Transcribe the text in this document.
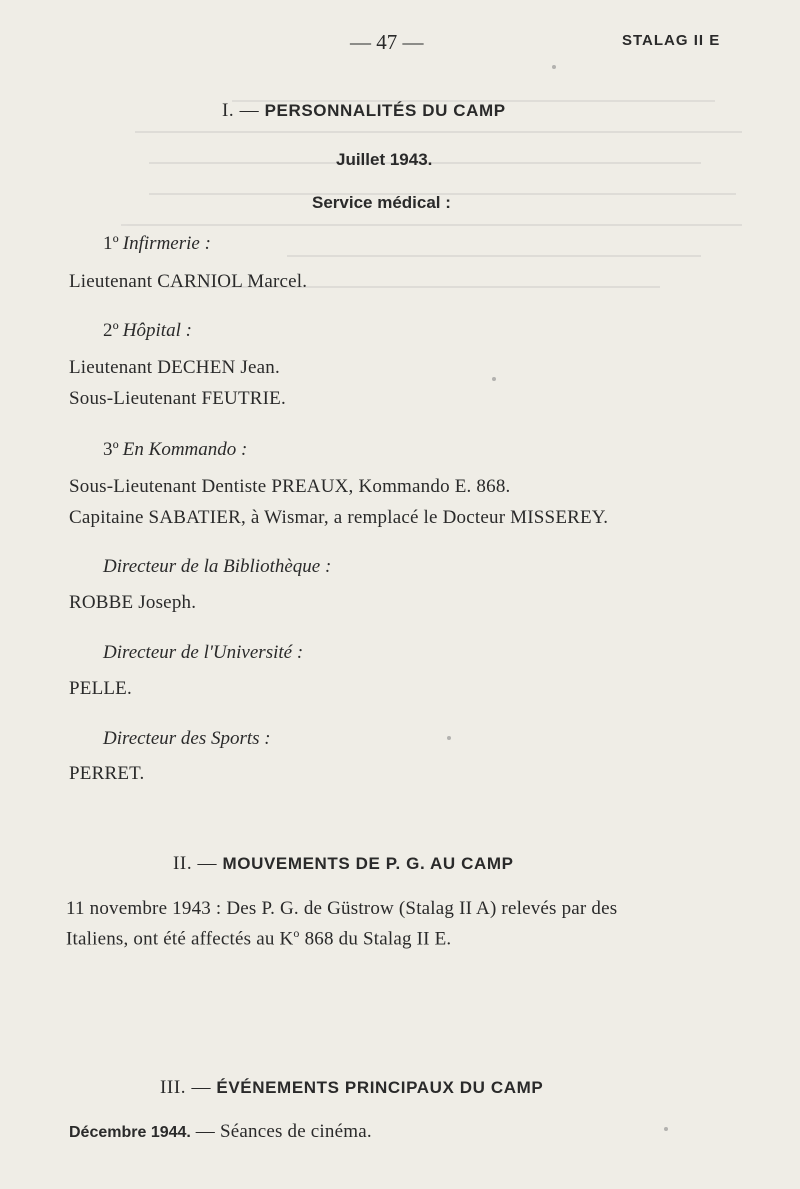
— 47 —	STALAG II E
I. — PERSONNALITÉS DU CAMP
Juillet 1943.
Service médical :
1º Infirmerie :
Lieutenant CARNIOL Marcel.
2º Hôpital :
Lieutenant DECHEN Jean.
Sous-Lieutenant FEUTRIE.
3º En Kommando :
Sous-Lieutenant Dentiste PREAUX, Kommando E. 868.
Capitaine SABATIER, à Wismar, a remplacé le Docteur MISSEREY.
Directeur de la Bibliothèque :
ROBBE Joseph.
Directeur de l'Université :
PELLE.
Directeur des Sports :
PERRET.
II. — MOUVEMENTS DE P. G. AU CAMP
11 novembre 1943 : Des P. G. de Güstrow (Stalag II A) relevés par des
Italiens, ont été affectés au $K^o$ 868 du Stalag II E.
III. — ÉVÉNEMENTS PRINCIPAUX DU CAMP
Décembre 1944. — Séances de cinéma.
